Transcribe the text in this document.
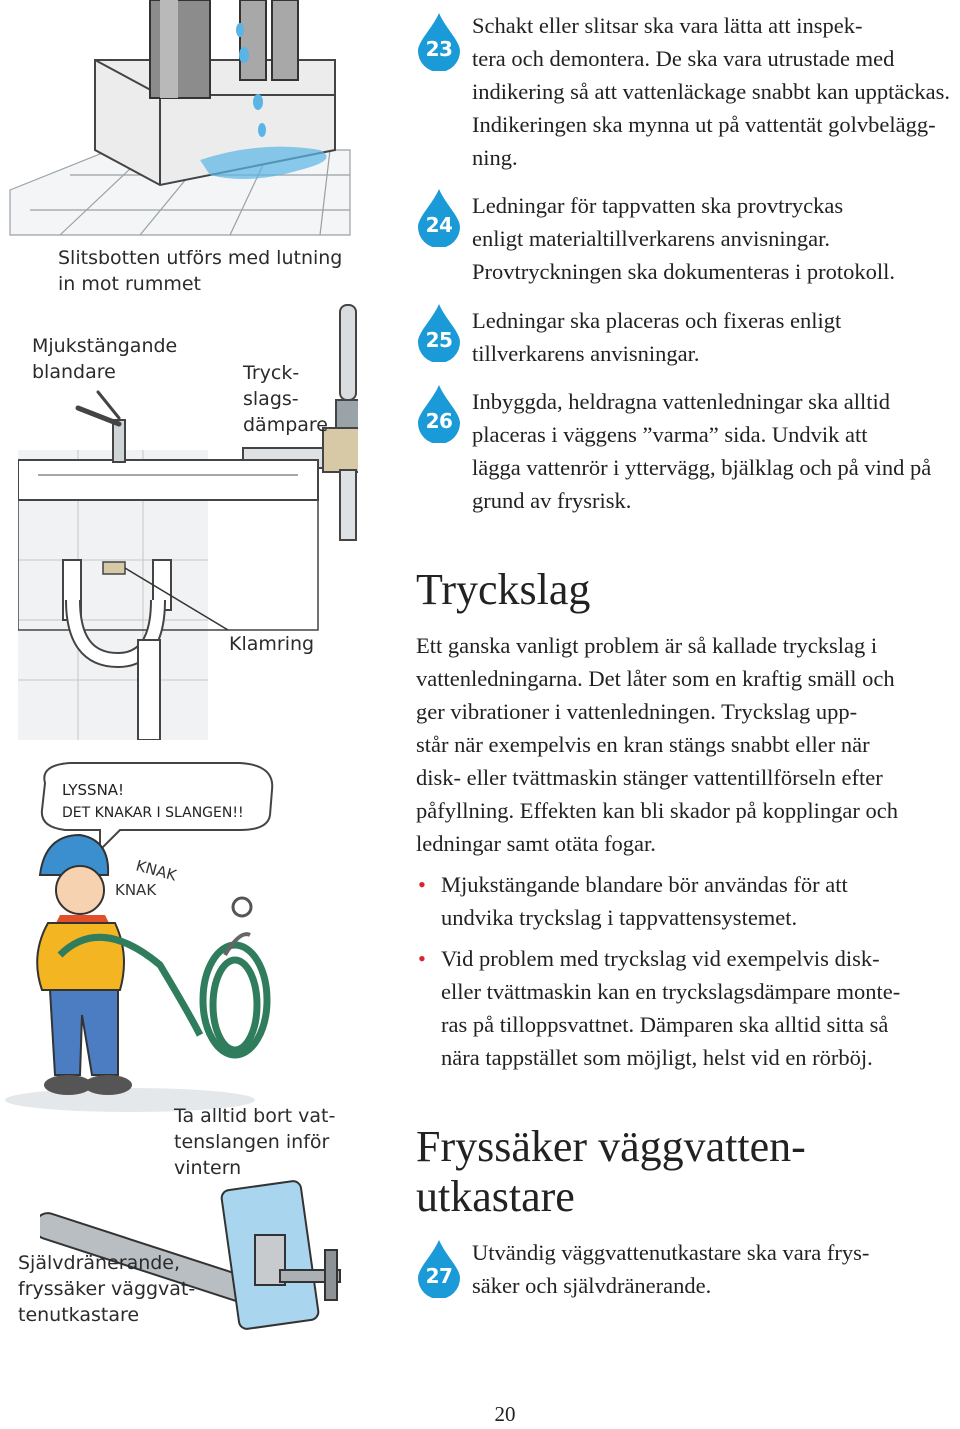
LYSSNA!
DET KNAKAR I SLANGEN!!
KNAK
KNAK
Slitsbotten utförs med lutning
in mot rummet
Mjukstängande
blandare	Tryck-
slags-
dämpare
Klamring
Ta alltid bort vat-
tenslangen inför
vintern
Självdränerande,
fryssäker väggvat-
tenutkastare
23
Schakt eller slitsar ska vara lätta att inspek-
tera och demontera. De ska vara utrustade med
indikering så att vattenläckage snabbt kan upptäckas.
Indikeringen ska mynna ut på vattentät golvbelägg-
ning.
24
Ledningar för tappvatten ska provtryckas
enligt materialtillverkarens anvisningar.
Provtryckningen ska dokumenteras i protokoll.
25
Ledningar ska placeras och fixeras enligt
tillverkarens anvisningar.
26
Inbyggda, heldragna vattenledningar ska alltid
placeras i väggens ”varma” sida. Undvik att
lägga vattenrör i yttervägg, bjälklag och på vind på
grund av frysrisk.
Tryckslag
Ett ganska vanligt problem är så kallade tryckslag i
vattenledningarna. Det låter som en kraftig smäll och
ger vibrationer i vattenledningen. Tryckslag upp-
står när exempelvis en kran stängs snabbt eller när
disk- eller tvättmaskin stänger vattentillförseln efter
påfyllning. Effekten kan bli skador på kopplingar och
ledningar samt otäta fogar.
• Mjukstängande blandare bör användas för att
undvika tryckslag i tappvattensystemet.
• Vid problem med tryckslag vid exempelvis disk-
eller tvättmaskin kan en tryckslagsdämpare monte-
ras på tilloppsvattnet. Dämparen ska alltid sitta så
nära tappstället som möjligt, helst vid en rörböj.
Fryssäker väggvatten-
utkastare
27
Utvändig väggvattenutkastare ska vara frys-
säker och självdränerande.
20
